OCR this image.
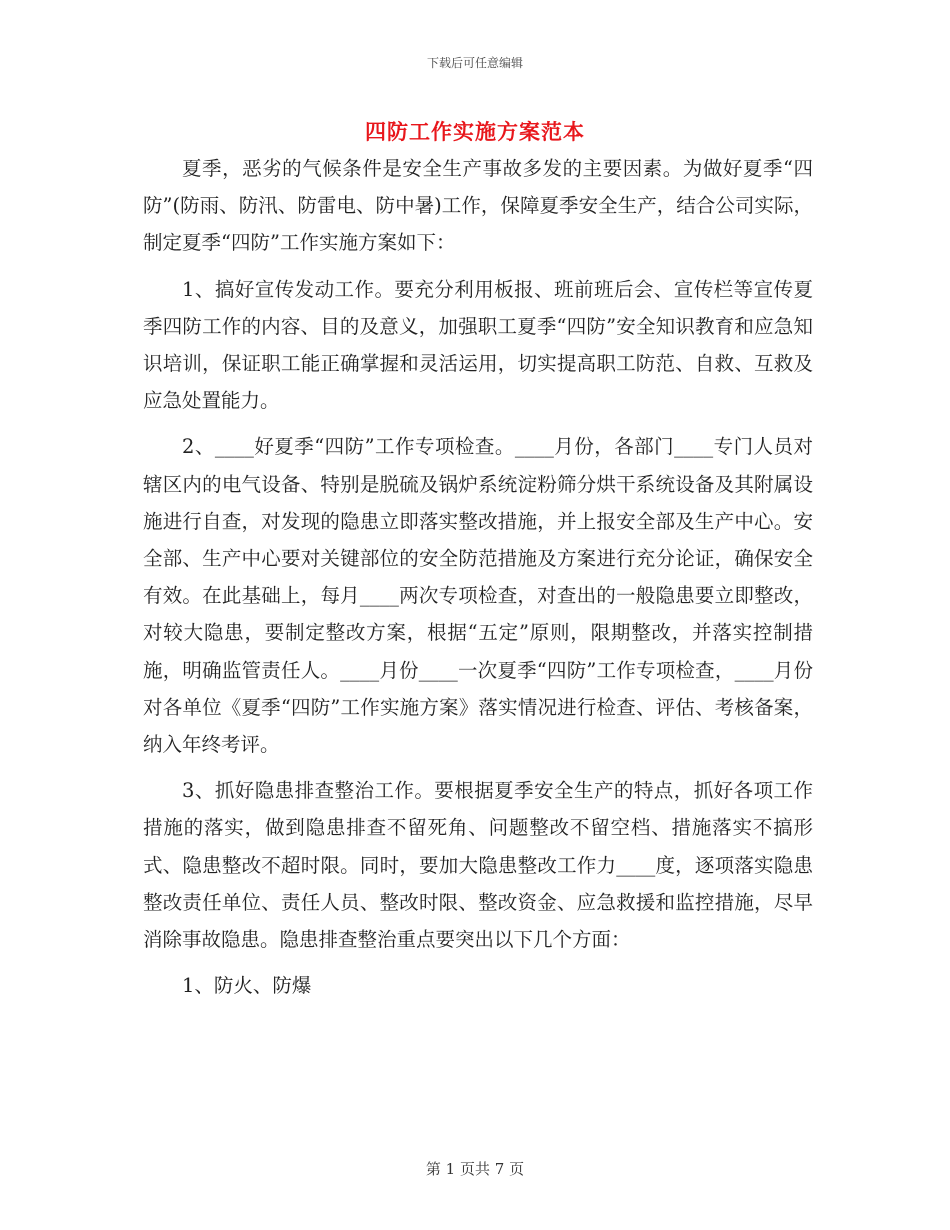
下载后可任意编辑
四防工作实施方案范本

夏季，恶劣的气候条件是安全生产事故多发的主要因素。为做好夏季“四防”(防雨、防汛、防雷电、防中暑)工作，保障夏季安全生产，结合公司实际，制定夏季“四防”工作实施方案如下：

1、搞好宣传发动工作。要充分利用板报、班前班后会、宣传栏等宣传夏季四防工作的内容、目的及意义，加强职工夏季“四防”安全知识教育和应急知识培训，保证职工能正确掌握和灵活运用，切实提高职工防范、自救、互救及应急处置能力。

2、____好夏季“四防”工作专项检查。____月份，各部门____专门人员对辖区内的电气设备、特别是脱硫及锅炉系统淀粉筛分烘干系统设备及其附属设施进行自查，对发现的隐患立即落实整改措施，并上报安全部及生产中心。安全部、生产中心要对关键部位的安全防范措施及方案进行充分论证，确保安全有效。在此基础上，每月____两次专项检查，对查出的一般隐患要立即整改，对较大隐患，要制定整改方案，根据“五定”原则，限期整改，并落实控制措施，明确监管责任人。____月份____一次夏季“四防”工作专项检查，____月份对各单位《夏季“四防”工作实施方案》落实情况进行检查、评估、考核备案，纳入年终考评。

3、抓好隐患排查整治工作。要根据夏季安全生产的特点，抓好各项工作措施的落实，做到隐患排查不留死角、问题整改不留空档、措施落实不搞形式、隐患整改不超时限。同时，要加大隐患整改工作力____度，逐项落实隐患整改责任单位、责任人员、整改时限、整改资金、应急救援和监控措施，尽早消除事故隐患。隐患排查整治重点要突出以下几个方面：

1、防火、防爆

第 1 页共 7 页
